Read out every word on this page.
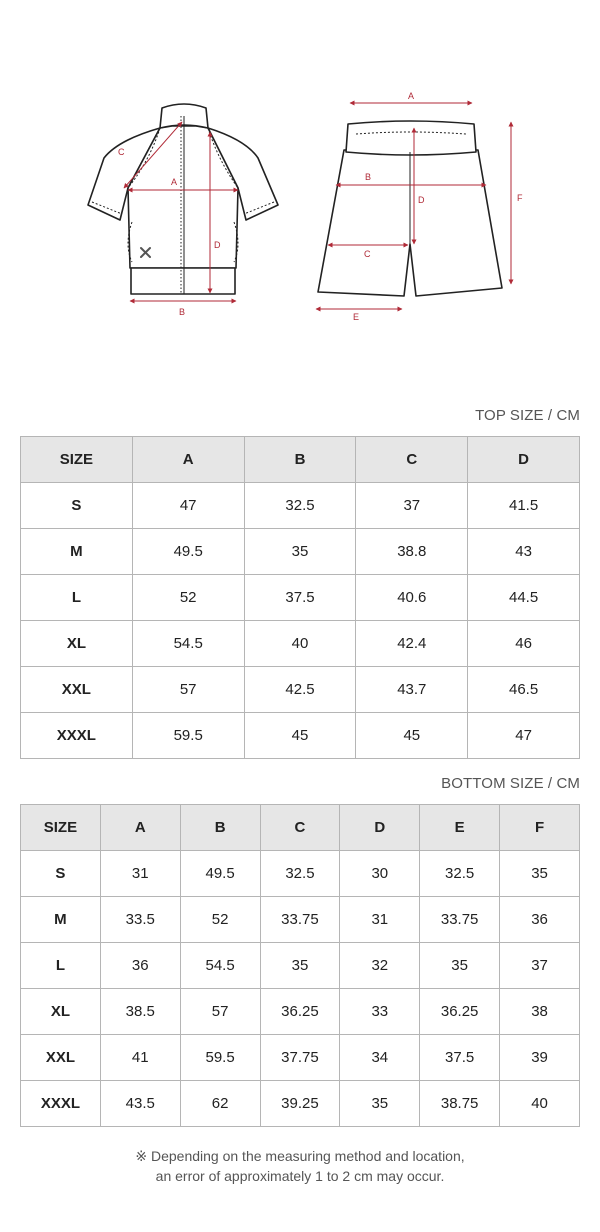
A
B
C
D
A
B
C
D
E
F
TOP SIZE / CM
SIZE	A	B	C	D
S	47	32.5	37	41.5
M	49.5	35	38.8	43
L	52	37.5	40.6	44.5
XL	54.5	40	42.4	46
XXL	57	42.5	43.7	46.5
XXXL	59.5	45	45	47
BOTTOM SIZE / CM
SIZE	A	B	C	D	E	F
S	31	49.5	32.5	30	32.5	35
M	33.5	52	33.75	31	33.75	36
L	36	54.5	35	32	35	37
XL	38.5	57	36.25	33	36.25	38
XXL	41	59.5	37.75	34	37.5	39
XXXL	43.5	62	39.25	35	38.75	40
※ Depending on the measuring method and location,
an error of approximately 1 to 2 cm may occur.
